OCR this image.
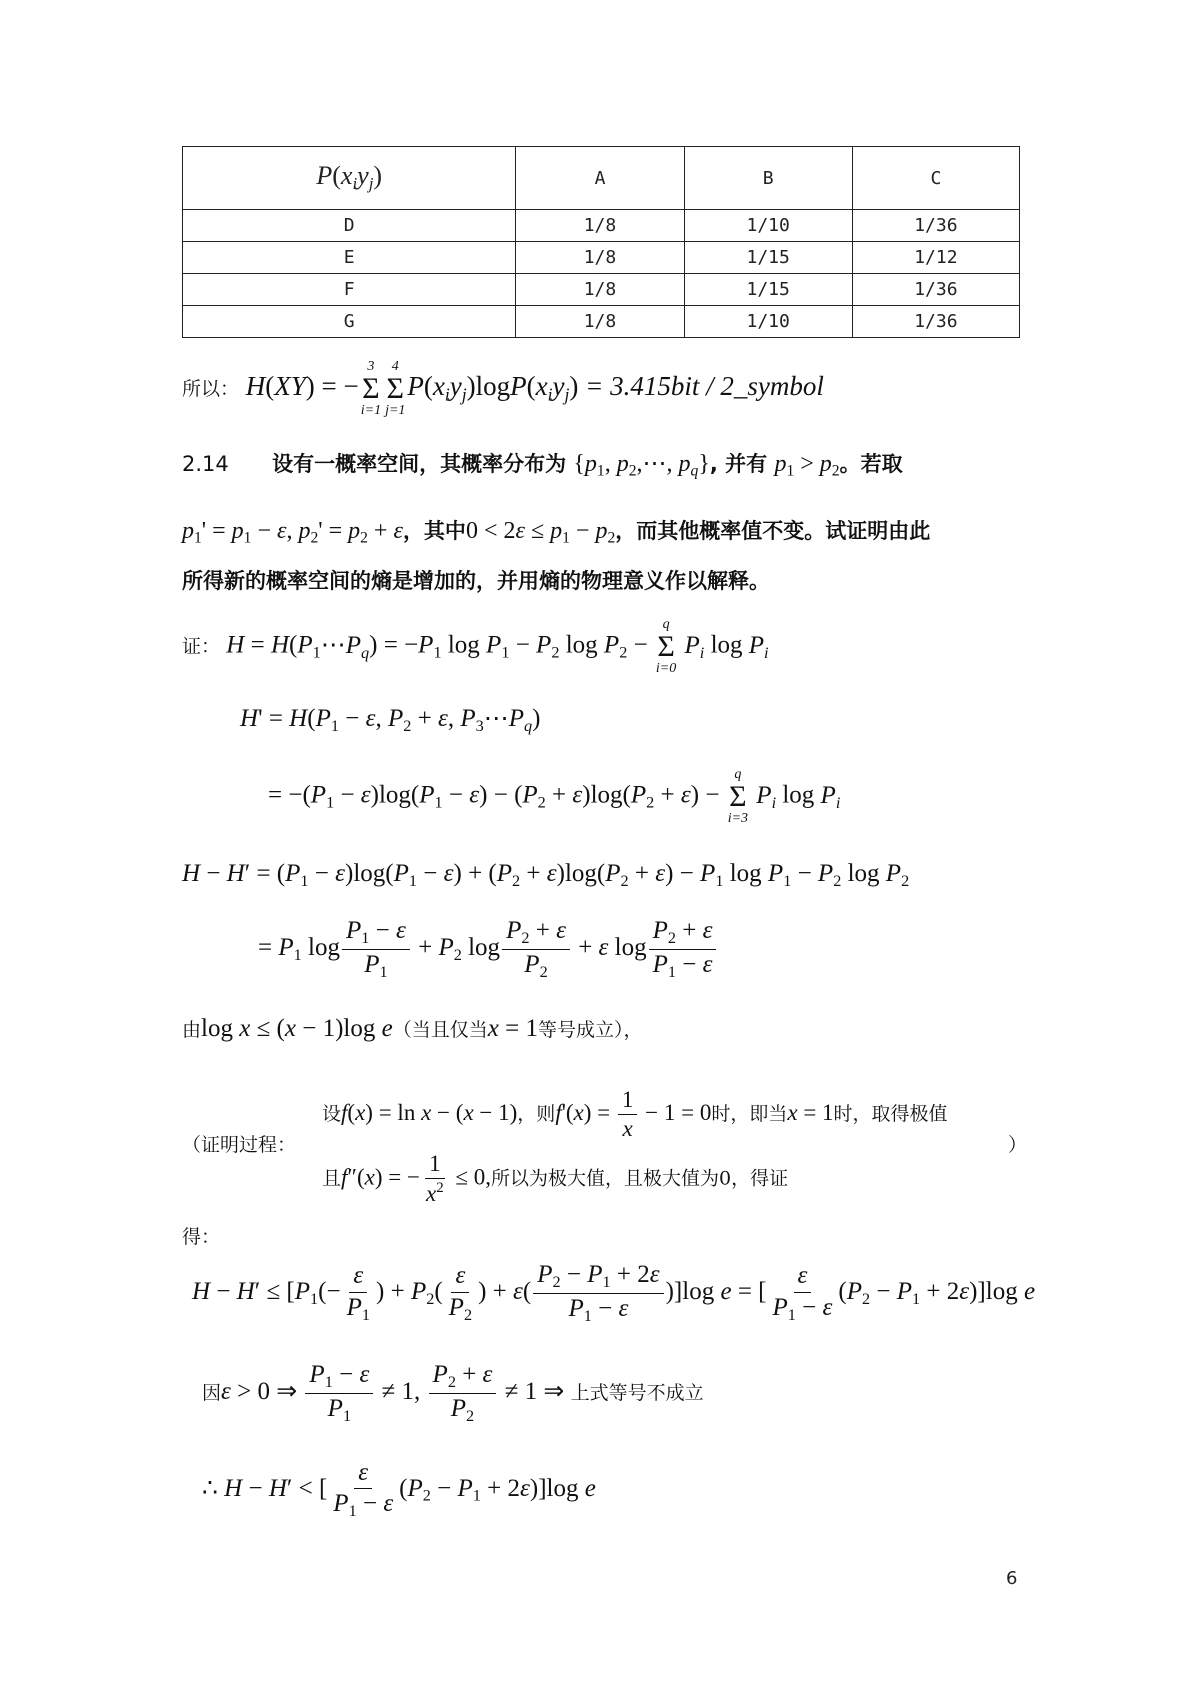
$P(x_iy_j)$	A	B	C
D	1/8	1/10	1/36
E	1/8	1/15	1/12
F	1/8	1/15	1/36
G	1/8	1/10	1/36
所以： H(XY) = −
3
Σ
i=1
4
Σ
j=1
$P(x_iy_j)\log P(x_iy_j) = 3.415bit$ / 2_symbol
2.14 设有一概率空间，其概率分布为 {$p_1$, $p_2,\cdots$, $p_q$}, 并有 $p_1 > p_2$。若取
$p_1' = p_1 - \varepsilon$, $p_2' = p_2 + \varepsilon$，其中$0 < 2\varepsilon \le p_1 - p_2$，而其他概率值不变。试证明由此
所得新的概率空间的熵是增加的，并用熵的物理意义作以解释。
证： $H = H(P_1\cdots P_q) = -P_1$ $\log P_1 - P_2$ $\log P_2$ −
q
Σ
i=0
$P_i$ $\log P_i$
$H' = H(P_1 - \varepsilon$, $P_2 + \varepsilon$, $P_3\cdots P_q$)
= $-(P_1 - \varepsilon)\log(P_1 - \varepsilon) - (P_2 + \varepsilon)\log(P_2 + \varepsilon)$ −
q
Σ
i=3
$P_i$ $\log P_i$
$H - H' = (P_1 - \varepsilon)\log(P_1 - \varepsilon) + (P_2 + \varepsilon)\log(P_2 + \varepsilon) - P_1$ $\log P_1 - P_2$ $\log P_2$
= $P_1$ $\log \frac{P_1 - \varepsilon}{P_1} + P_2$ $\log \frac{P_2 + \varepsilon}{P_2} + \varepsilon$ $\log \frac{P_2 + \varepsilon}{P_1 - \varepsilon}$
由log x ≤ (x − 1)log e（当且仅当x = 1等号成立），
（证明过程：	）
设f(x) = ln x − (x − 1)，则$f'(x) = \frac{1}{x} - 1 = 0$时，即当x = 1时，取得极值
且f″(x) = − $\frac{1}{x^2} \le 0$,所以为极大值，且极大值为0，得证
得：
$H - H' \le [P_1(- \frac{\varepsilon}{P_1}$ ) + $P_2( \frac{\varepsilon}{P_2}$ ) + $\varepsilon( \frac{P_2 - P_1 + 2\varepsilon}{P_1 - \varepsilon} )]\log$ e = [ $\frac{\varepsilon}{P_1 - \varepsilon} (P_2 - P_1 + 2\varepsilon)]\log$ e
因ε > 0 ⇒ $\frac{P_1 - \varepsilon}{P_1} \ne 1$, $\frac{P_2 + \varepsilon}{P_2} \ne 1$ ⇒ 上式等号不成立
∴ H − H′ < [ $\frac{\varepsilon}{P_1 - \varepsilon} (P_2 - P_1 + 2\varepsilon)]\log$ e
6
